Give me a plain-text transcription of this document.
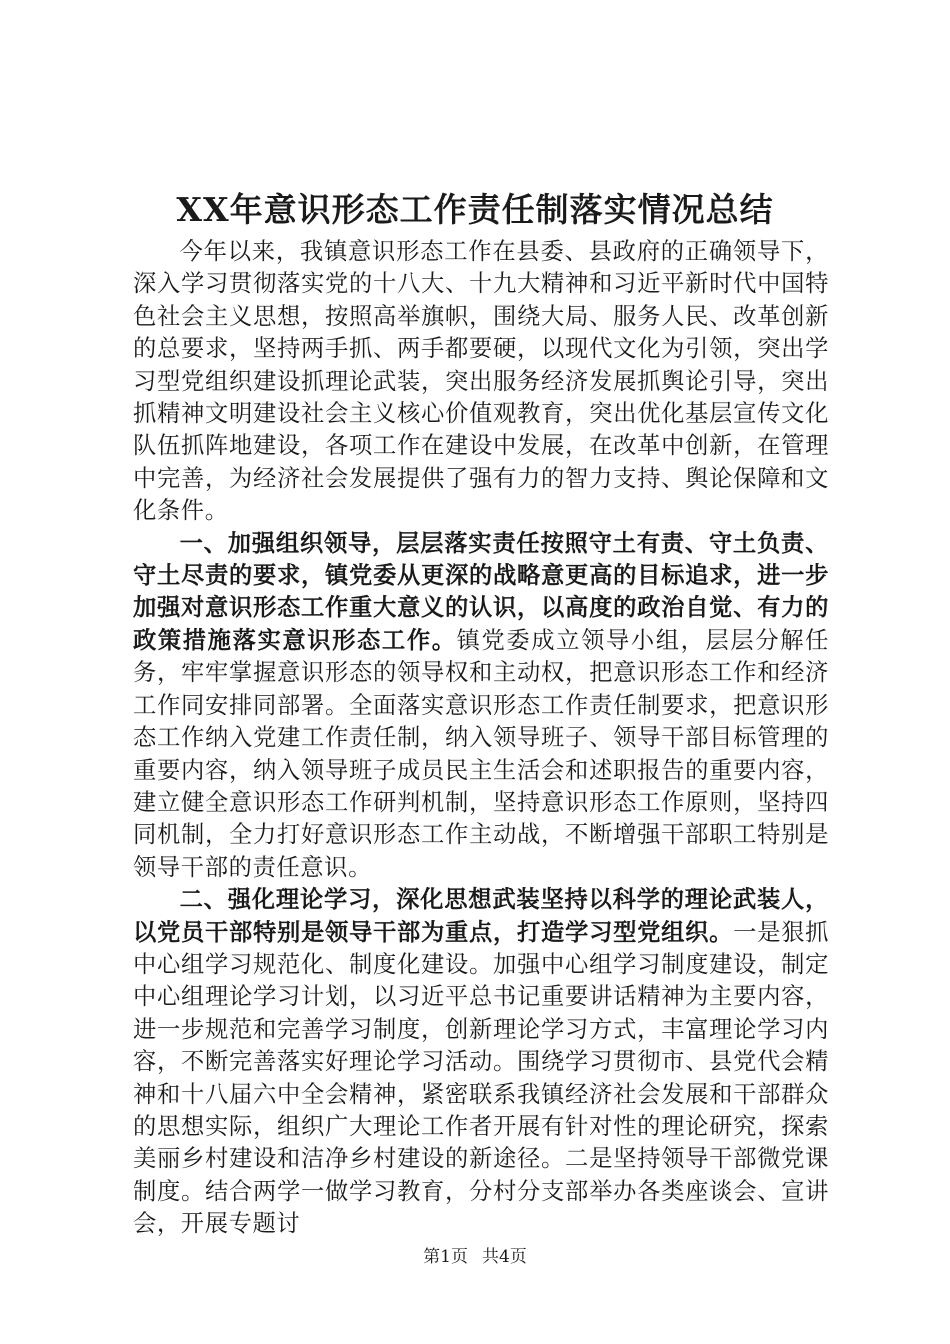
XX年意识形态工作责任制落实情况总结

今年以来，我镇意识形态工作在县委、县政府的正确领导下，深入学习贯彻落实党的十八大、十九大精神和习近平新时代中国特色社会主义思想，按照高举旗帜，围绕大局、服务人民、改革创新的总要求，坚持两手抓、两手都要硬，以现代文化为引领，突出学习型党组织建设抓理论武装，突出服务经济发展抓舆论引导，突出抓精神文明建设社会主义核心价值观教育，突出优化基层宣传文化队伍抓阵地建设，各项工作在建设中发展，在改革中创新，在管理中完善，为经济社会发展提供了强有力的智力支持、舆论保障和文化条件。

一、加强组织领导，层层落实责任按照守土有责、守土负责、守土尽责的要求，镇党委从更深的战略意更高的目标追求，进一步加强对意识形态工作重大意义的认识，以高度的政治自觉、有力的政策措施落实意识形态工作。镇党委成立领导小组，层层分解任务，牢牢掌握意识形态的领导权和主动权，把意识形态工作和经济工作同安排同部署。全面落实意识形态工作责任制要求，把意识形态工作纳入党建工作责任制，纳入领导班子、领导干部目标管理的重要内容，纳入领导班子成员民主生活会和述职报告的重要内容，建立健全意识形态工作研判机制，坚持意识形态工作原则，坚持四同机制，全力打好意识形态工作主动战，不断增强干部职工特别是领导干部的责任意识。

二、强化理论学习，深化思想武装坚持以科学的理论武装人，以党员干部特别是领导干部为重点，打造学习型党组织。一是狠抓中心组学习规范化、制度化建设。加强中心组学习制度建设，制定中心组理论学习计划，以习近平总书记重要讲话精神为主要内容，进一步规范和完善学习制度，创新理论学习方式，丰富理论学习内容，不断完善落实好理论学习活动。围绕学习贯彻市、县党代会精神和十八届六中全会精神，紧密联系我镇经济社会发展和干部群众的思想实际，组织广大理论工作者开展有针对性的理论研究，探索美丽乡村建设和洁净乡村建设的新途径。二是坚持领导干部微党课制度。结合两学一做学习教育，分村分支部举办各类座谈会、宣讲会，开展专题讨

第1页 共4页
